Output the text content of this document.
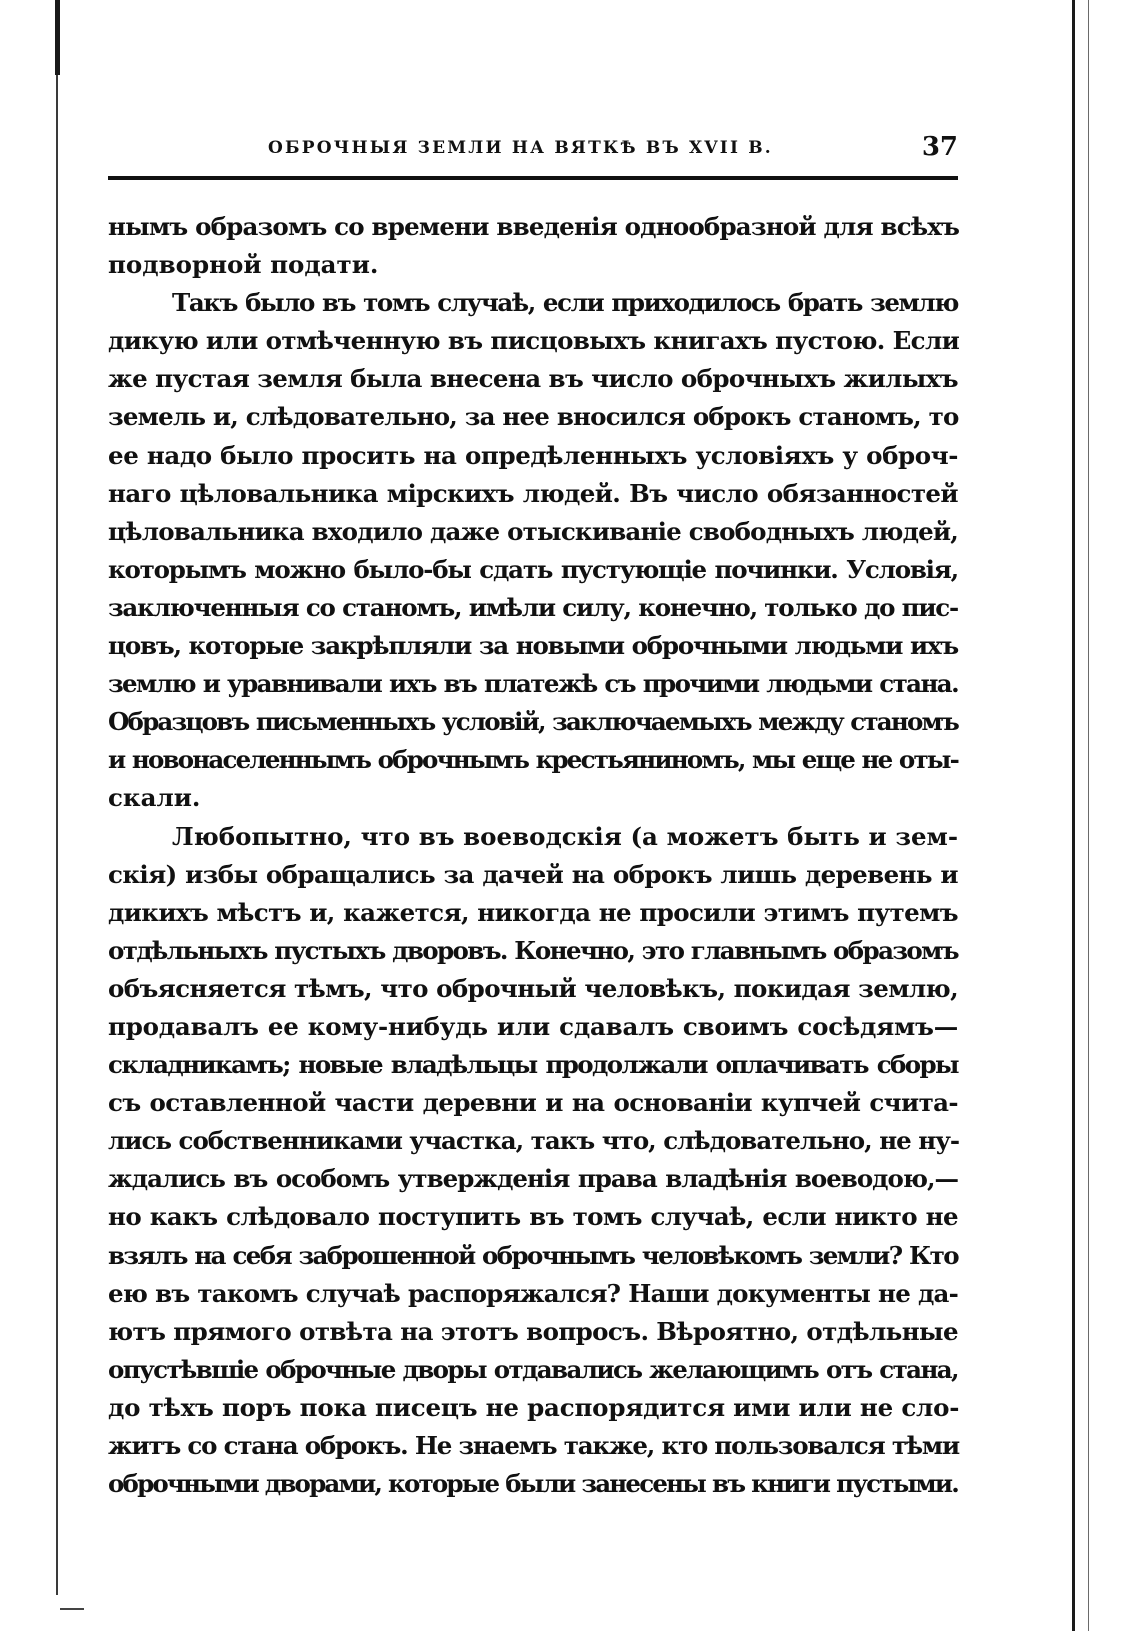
ОБРОЧНЫЯ ЗЕМЛИ НА ВЯТКѢ ВЪ XVII В.	37
нымъ образомъ со времени введенія однообразной для всѣхъ
подворной подати.
Такъ было въ томъ случаѣ, если приходилось брать землю
дикую или отмѣченную въ писцовыхъ книгахъ пустою. Если
же пустая земля была внесена въ число оброчныхъ жилыхъ
земель и, слѣдовательно, за нее вносился оброкъ станомъ, то
ее надо было просить на опредѣленныхъ условіяхъ у оброч-
наго цѣловальника мірскихъ людей. Въ число обязанностей
цѣловальника входило даже отыскиваніе свободныхъ людей,
которымъ можно было-бы сдать пустующіе починки. Условія,
заключенныя со станомъ, имѣли силу, конечно, только до пис-
цовъ, которые закрѣпляли за новыми оброчными людьми ихъ
землю и уравнивали ихъ въ платежѣ съ прочими людьми стана.
Образцовъ письменныхъ условій, заключаемыхъ между станомъ
и новонаселеннымъ оброчнымъ крестьяниномъ, мы еще не оты-
скали.
Любопытно, что въ воеводскія (а можетъ быть и зем-
скія) избы обращались за дачей на оброкъ лишь деревень и
дикихъ мѣстъ и, кажется, никогда не просили этимъ путемъ
отдѣльныхъ пустыхъ дворовъ. Конечно, это главнымъ образомъ
объясняется тѣмъ, что оброчный человѣкъ, покидая землю,
продавалъ ее кому-нибудь или сдавалъ своимъ сосѣдямъ—
складникамъ; новые владѣльцы продолжали оплачивать сборы
съ оставленной части деревни и на основаніи купчей счита-
лись собственниками участка, такъ что, слѣдовательно, не ну-
ждались въ особомъ утвержденія права владѣнія воеводою,—
но какъ слѣдовало поступить въ томъ случаѣ, если никто не
взялъ на себя заброшенной оброчнымъ человѣкомъ земли? Кто
ею въ такомъ случаѣ распоряжался? Наши документы не да-
ютъ прямого отвѣта на этотъ вопросъ. Вѣроятно, отдѣльные
опустѣвшіе оброчные дворы отдавались желающимъ отъ стана,
до тѣхъ поръ пока писецъ не распорядится ими или не сло-
житъ со стана оброкъ. Не знаемъ также, кто пользовался тѣми
оброчными дворами, которые были занесены въ книги пустыми.
